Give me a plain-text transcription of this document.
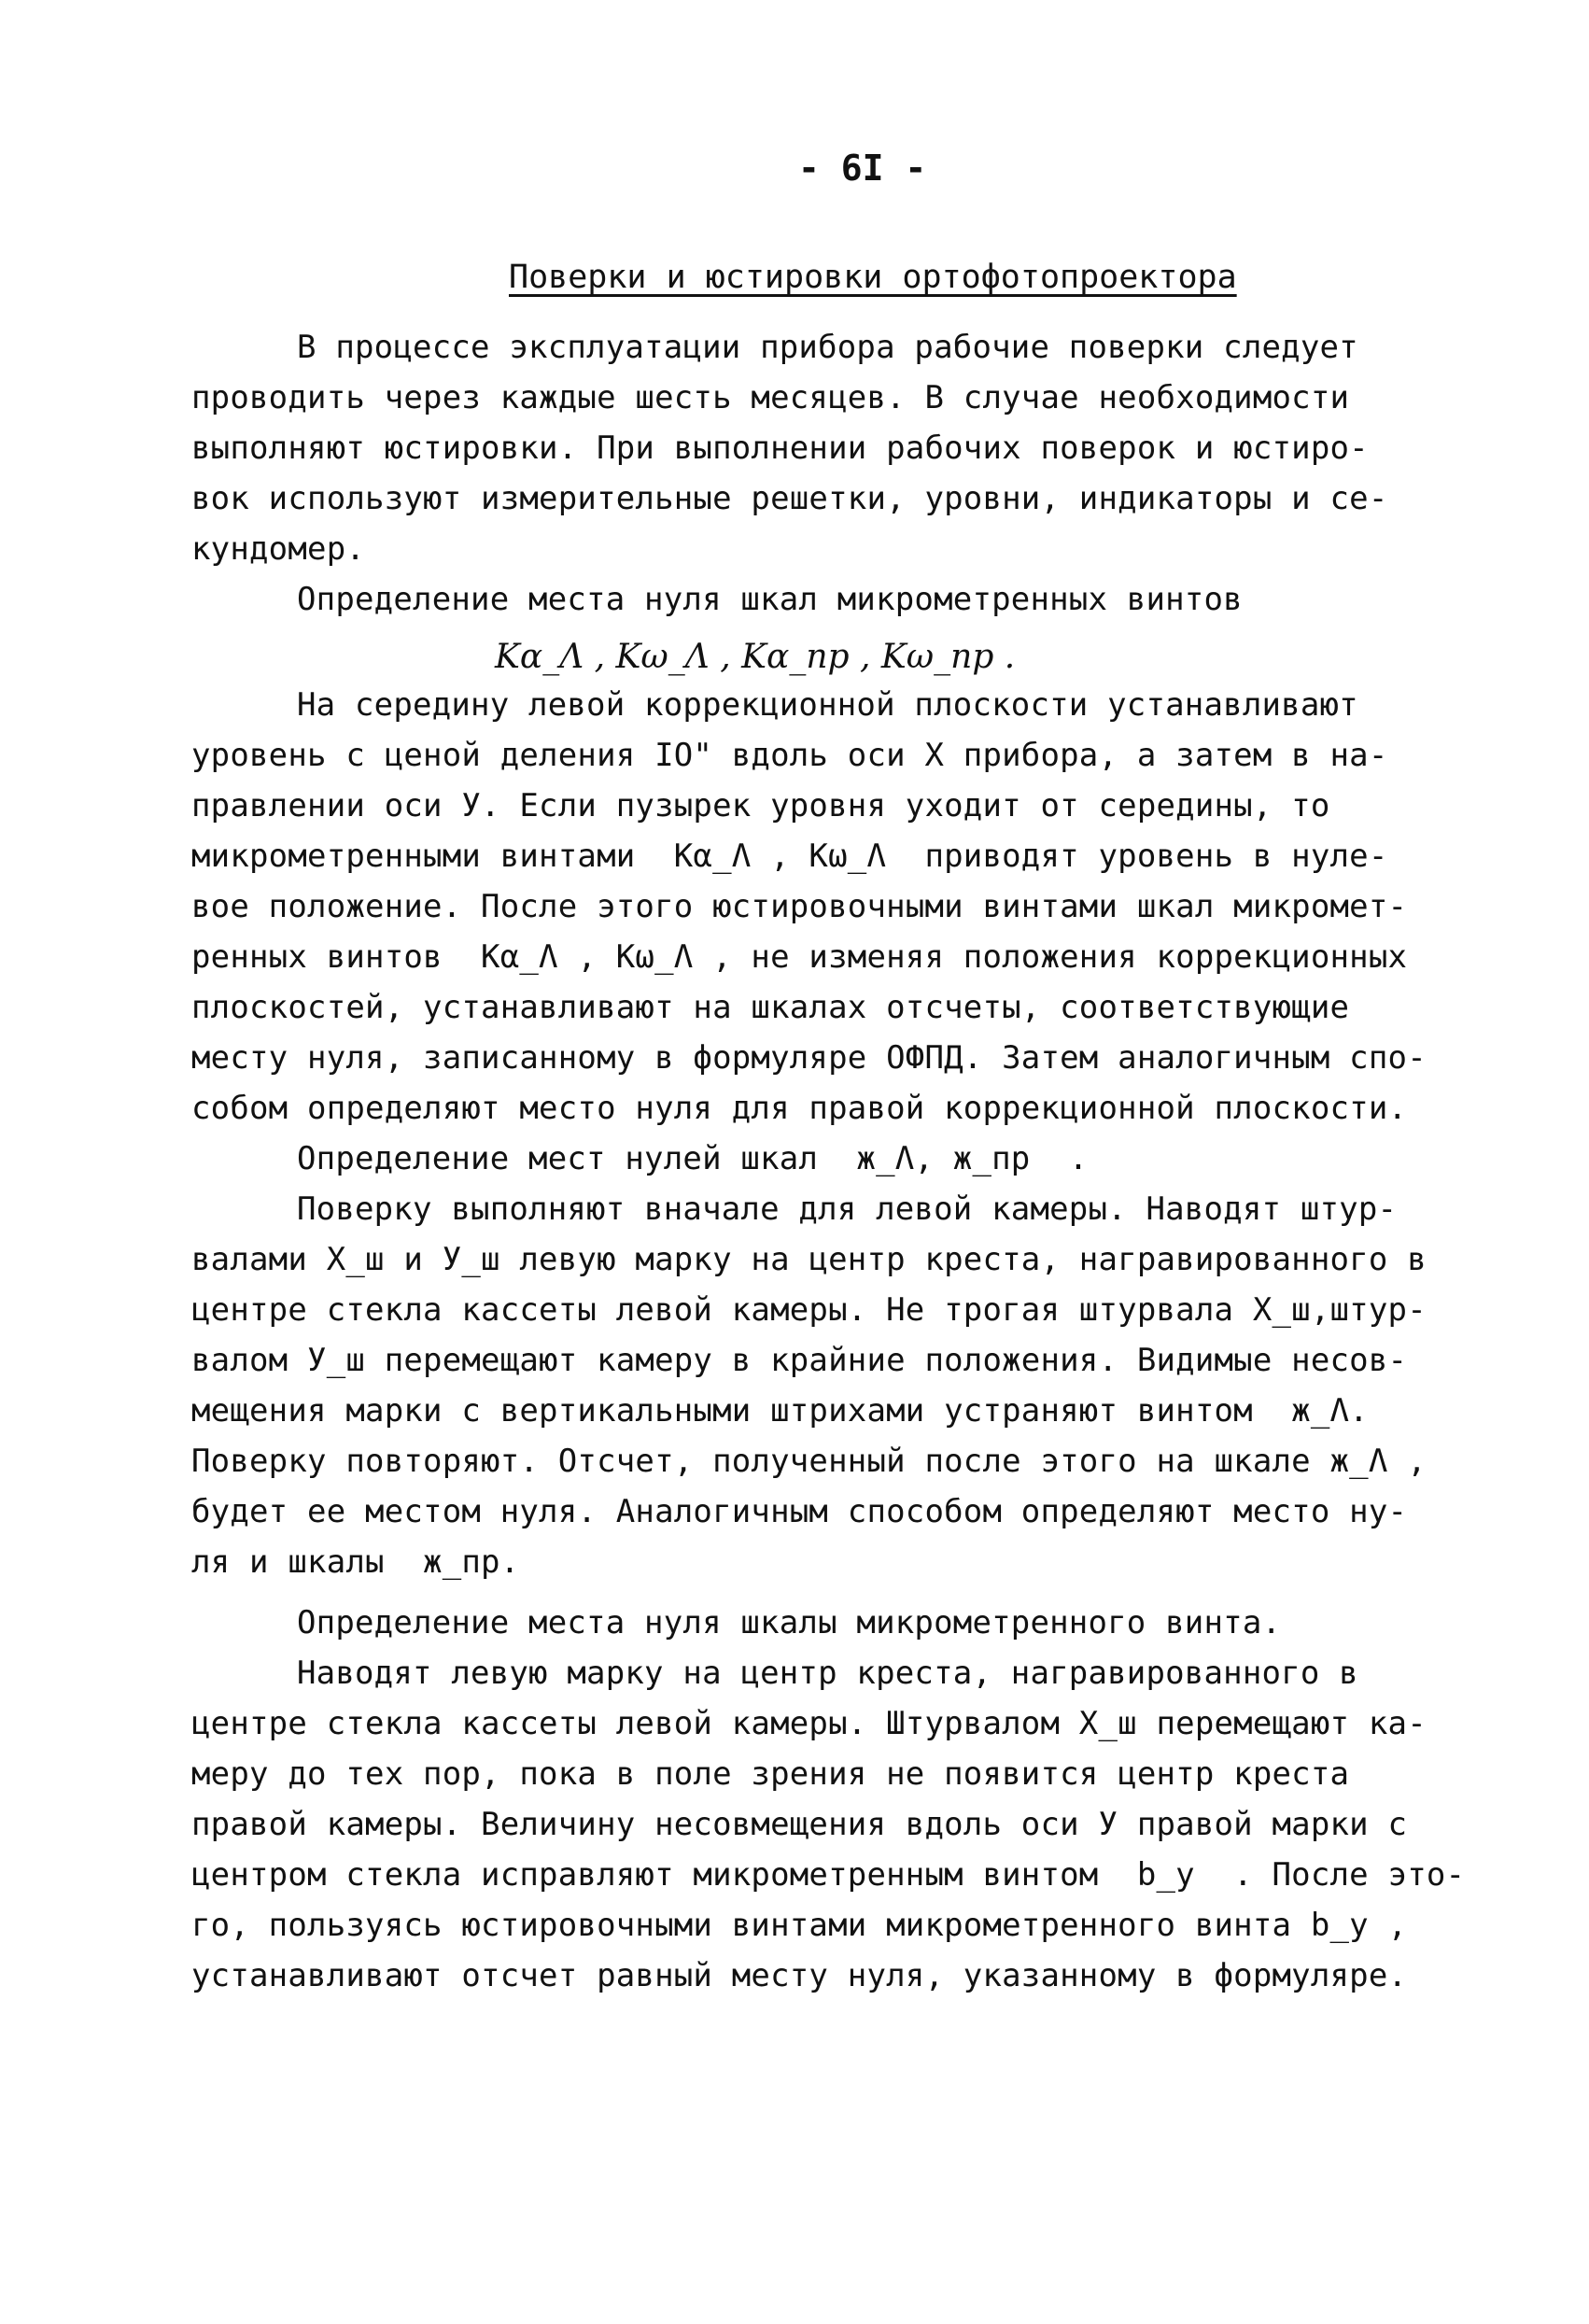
- 6I -
Поверки и юстировки ортофотопроектора
Kα_Λ , Kω_Λ , Kα_пр , Kω_пр .
В процессе эксплуатации прибора рабочие поверки следует
проводить через каждые шесть месяцев. В случае необходимости
выполняют юстировки. При выполнении рабочих поверок и юстиро-
вок используют измерительные решетки, уровни, индикаторы и се-
кундомер.
Определение места нуля шкал микрометренных винтов
На середину левой коррекционной плоскости устанавливают
уровень с ценой деления IO" вдоль оси X прибора, а затем в на-
правлении оси У. Если пузырек уровня уходит от середины, то
микрометренными винтами  Kα_Λ , Kω_Λ  приводят уровень в нуле-
вое положение. После этого юстировочными винтами шкал микромет-
ренных винтов  Kα_Λ , Kω_Λ , не изменяя положения коррекционных
плоскостей, устанавливают на шкалах отсчеты, соответствующие
месту нуля, записанному в формуляре ОФПД. Затем аналогичным спо-
собом определяют место нуля для правой коррекционной плоскости.
Определение мест нулей шкал  ж_Λ, ж_пр  .
Поверку выполняют вначале для левой камеры. Наводят штур-
валами Х_ш и У_ш левую марку на центр креста, награвированного в
центре стекла кассеты левой камеры. Не трогая штурвала Х_ш,штур-
валом У_ш перемещают камеру в крайние положения. Видимые несов-
мещения марки с вертикальными штрихами устраняют винтом  ж_Λ.
Поверку повторяют. Отсчет, полученный после этого на шкале ж_Λ ,
будет ее местом нуля. Аналогичным способом определяют место ну-
ля и шкалы  ж_пр.
Определение места нуля шкалы микрометренного винта.
Наводят левую марку на центр креста, награвированного в
центре стекла кассеты левой камеры. Штурвалом Х_ш перемещают ка-
меру до тех пор, пока в поле зрения не появится центр креста
правой камеры. Величину несовмещения вдоль оси У правой марки с
центром стекла исправляют микрометренным винтом  b_у  . После это-
го, пользуясь юстировочными винтами микрометренного винта b_у ,
устанавливают отсчет равный месту нуля, указанному в формуляре.
